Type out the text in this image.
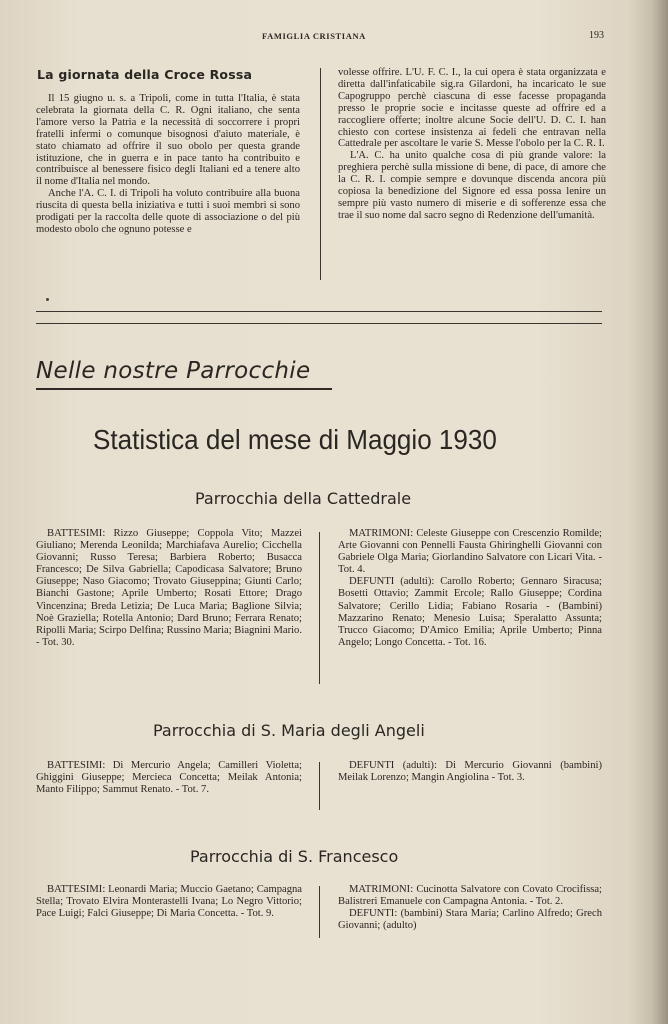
FAMIGLIA CRISTIANA	193
La giornata della Croce Rossa

Il 15 giugno u. s. a Tripoli, come in tutta l'Italia, è stata celebrata la giornata della C. R. Ogni italiano, che senta l'amore verso la Patria e la necessità di soccorrere i propri fratelli infermi o comunque bisognosi d'aiuto materiale, è stato chiamato ad offrire il suo obolo per questa grande istituzione, che in guerra e in pace tanto ha contribuito e contribuisce al benessere fisico degli Italiani ed a tenere alto il nome d'Italia nel mondo.

Anche l'A. C. I. di Tripoli ha voluto contribuire alla buona riuscita di questa bella iniziativa e tutti i suoi membri si sono prodigati per la raccolta delle quote di associazione o del più modesto obolo che ognuno potesse e

volesse offrire. L'U. F. C. I., la cui opera è stata organizzata e diretta dall'infaticabile sig.ra Gilardoni, ha incaricato le sue Capogruppo perchè ciascuna di esse facesse propaganda presso le proprie socie e incitasse queste ad offrire ed a raccogliere offerte; inoltre alcune Socie dell'U. D. C. I. han chiesto con cortese insistenza ai fedeli che entravan nella Cattedrale per ascoltare le varie S. Messe l'obolo per la C. R. I.

L'A. C. ha unito qualche cosa di più grande valore: la preghiera perchè sulla missione di bene, di pace, di amore che la C. R. I. compie sempre e dovunque discenda ancora più copiosa la benedizione del Signore ed essa possa lenire un sempre più vasto numero di miserie e di sofferenze essa che trae il suo nome dal sacro segno di Redenzione dell'umanità.

Nelle nostre Parrocchie
Statistica del mese di Maggio 1930
Parrocchia della Cattedrale

BATTESIMI: Rizzo Giuseppe; Coppola Vito; Mazzei Giuliano; Merenda Leonilda; Marchiafava Aurelio; Cicchella Giovanni; Russo Teresa; Barbiera Roberto; Busacca Francesco; De Silva Gabriella; Capodicasa Salvatore; Bruno Giuseppe; Naso Giacomo; Trovato Giuseppina; Giunti Carlo; Bianchi Gastone; Aprile Umberto; Rosati Ettore; Drago Vincenzina; Breda Letizia; De Luca Maria; Baglione Silvia; Noè Graziella; Rotella Antonio; Dard Bruno; Ferrara Renato; Ripolli Maria; Scirpo Delfina; Russino Maria; Biagnini Mario. - Tot. 30.

MATRIMONI: Celeste Giuseppe con Crescenzio Romilde; Arte Giovanni con Pennelli Fausta Ghiringhelli Giovanni con Gabriele Olga Maria; Giorlandino Salvatore con Licari Vita. - Tot. 4.

DEFUNTI (adulti): Carollo Roberto; Gennaro Siracusa; Bosetti Ottavio; Zammit Ercole; Rallo Giuseppe; Cordina Salvatore; Cerillo Lidia; Fabiano Rosaria - (Bambini) Mazzarino Renato; Menesio Luisa; Speralatto Assunta; Trucco Giacomo; D'Amico Emilia; Aprile Umberto; Pinna Angelo; Longo Concetta. - Tot. 16.

Parrocchia di S. Maria degli Angeli

BATTESIMI: Di Mercurio Angela; Camilleri Violetta; Ghiggini Giuseppe; Mercieca Concetta; Meilak Antonia; Manto Filippo; Sammut Renato. - Tot. 7.

DEFUNTI (adulti): Di Mercurio Giovanni (bambini) Meilak Lorenzo; Mangin Angiolina - Tot. 3.

Parrocchia di S. Francesco

BATTESIMI: Leonardi Maria; Muccio Gaetano; Campagna Stella; Trovato Elvira Monterastelli Ivana; Lo Negro Vittorio; Pace Luigi; Falci Giuseppe; Di Maria Concetta. - Tot. 9.

MATRIMONI: Cucinotta Salvatore con Covato Crocifissa; Balistreri Emanuele con Campagna Antonia. - Tot. 2.

DEFUNTI: (bambini) Stara Maria; Carlino Alfredo; Grech Giovanni; (adulto)
